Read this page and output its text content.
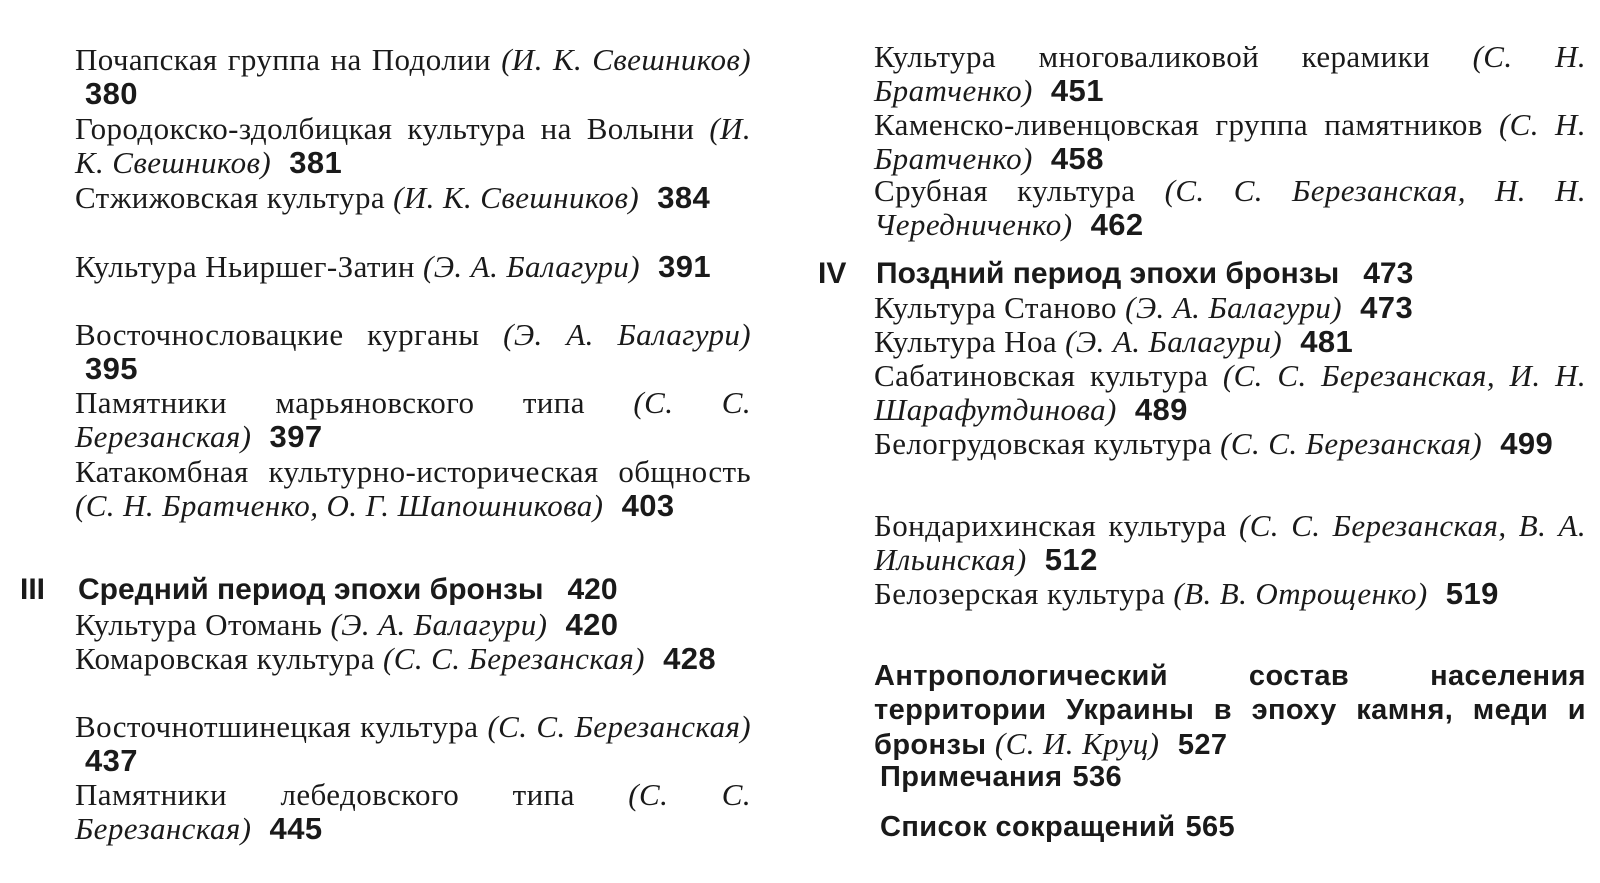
Почапская группа на Подолии (И. К. Свешников) 380
Городокско-здолбицкая культура на Волыни (И. К. Свешников) 381
Стжижовская культура (И. К. Свешников) 384
Культура Ньиршег-Затин (Э. А. Балагури) 391
Восточнословацкие курганы (Э. А. Балагури) 395
Памятники марьяновского типа (С. С. Березанская) 397
Катакомбная культурно-историческая общность (С. Н. Братченко, О. Г. Шапошникова) 403
III Средний период эпохи бронзы 420
Культура Отомань (Э. А. Балагури) 420
Комаровская культура (С. С. Березанская) 428
Восточнотшинецкая культура (С. С. Березанская) 437
Памятники лебедовского типа (С. С. Березанская) 445
Культура многоваликовой керамики (С. Н. Братченко) 451
Каменско-ливенцовская группа памятников (С. Н. Братченко) 458
Срубная культура (С. С. Березанская, Н. Н. Чередниченко) 462
IV Поздний период эпохи бронзы 473
Культура Станово (Э. А. Балагури) 473
Культура Ноа (Э. А. Балагури) 481
Сабатиновская культура (С. С. Березанская, И. Н. Шарафутдинова) 489
Белогрудовская культура (С. С. Березанская) 499
Бондарихинская культура (С. С. Березанская, В. А. Ильинская) 512
Белозерская культура (В. В. Отрощенко) 519
Антропологический состав населения территории Украины в эпоху камня, меди и бронзы (С. И. Круц) 527
Примечания 536
Список сокращений 565
